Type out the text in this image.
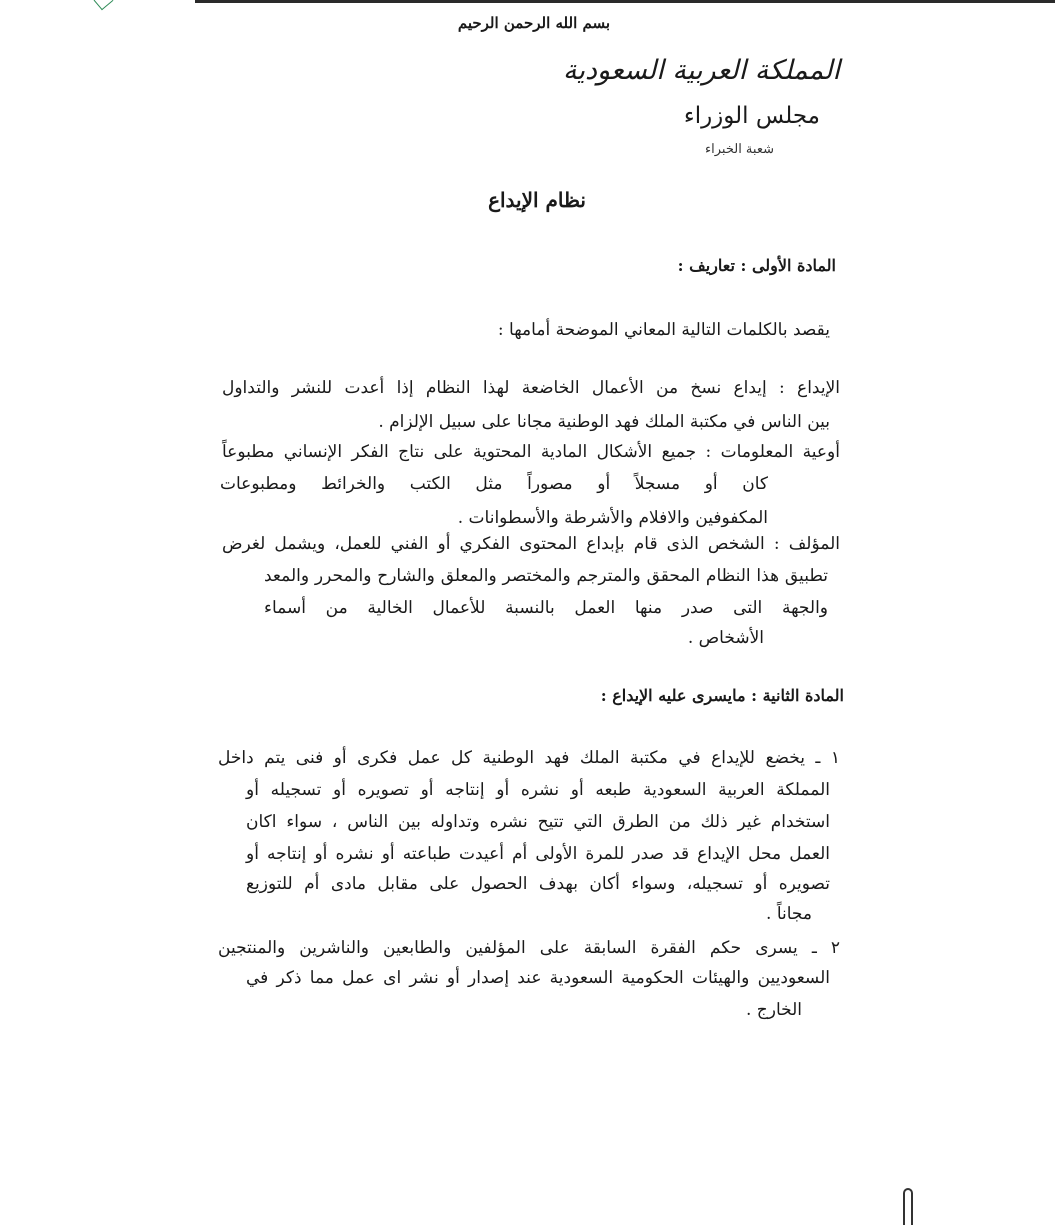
بسم الله الرحمن الرحيم
المملكة العربية السعودية
مجلس الوزراء
شعبة الخبراء
نظام الإيداع
المادة الأولى : تعاريف :
يقصد بالكلمات التالية المعاني الموضحة أمامها :
الإيداع : إيداع نسخ من الأعمال الخاضعة لهذا النظام إذا أعدت للنشر والتداول
بين الناس في مكتبة الملك فهد الوطنية مجانا على سبيل الإلزام .
أوعية المعلومات : جميع الأشكال المادية المحتوية على نتاج الفكر الإنساني مطبوعاً
كان أو مسجلاً أو مصوراً مثل الكتب والخرائط ومطبوعات
المكفوفين والافلام والأشرطة والأسطوانات .
المؤلف : الشخص الذى قام بإبداع المحتوى الفكري أو الفني للعمل، ويشمل لغرض
تطبيق هذا النظام المحقق والمترجم والمختصر والمعلق والشارح والمحرر والمعد
والجهة التى صدر منها العمل بالنسبة للأعمال الخالية من أسماء
الأشخاص .
المادة الثانية : مايسرى عليه الإيداع :
١ ـ يخضع للإيداع في مكتبة الملك فهد الوطنية كل عمل فكرى أو فنى يتم داخل
المملكة العربية السعودية طبعه أو نشره أو إنتاجه أو تصويره أو تسجيله أو
استخدام غير ذلك من الطرق التي تتيح نشره وتداوله بين الناس ، سواء اكان
العمل محل الإيداع قد صدر للمرة الأولى أم أعيدت طباعته أو نشره أو إنتاجه أو
تصويره أو تسجيله، وسواء أكان بهدف الحصول على مقابل مادى أم للتوزيع
مجاناً .
٢ ـ يسرى حكم الفقرة السابقة على المؤلفين والطابعين والناشرين والمنتجين
السعوديين والهيئات الحكومية السعودية عند إصدار أو نشر اى عمل مما ذكر في
الخارج .
